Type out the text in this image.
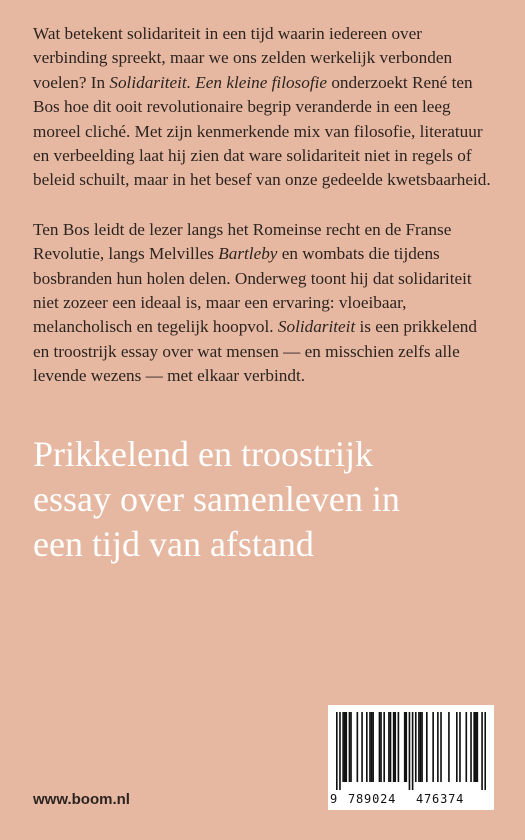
Wat betekent solidariteit in een tijd waarin iedereen over verbinding spreekt, maar we ons zelden werkelijk verbonden voelen? In Solidariteit. Een kleine filosofie onderzoekt René ten Bos hoe dit ooit revolutionaire begrip veranderde in een leeg moreel cliché. Met zijn kenmerkende mix van filosofie, literatuur en verbeelding laat hij zien dat ware solidariteit niet in regels of beleid schuilt, maar in het besef van onze gedeelde kwetsbaarheid.

Ten Bos leidt de lezer langs het Romeinse recht en de Franse Revolutie, langs Melvilles Bartleby en wombats die tijdens bosbranden hun holen delen. Onderweg toont hij dat solidariteit niet zozeer een ideaal is, maar een ervaring: vloeibaar, melancholisch en tegelijk hoopvol. Solidariteit is een prikkelend en troostrijk essay over wat mensen — en misschien zelfs alle levende wezens — met elkaar verbindt.

Prikkelend en troostrijk
essay over samenleven in
een tijd van afstand
www.boom.nl	9 789024 476374
